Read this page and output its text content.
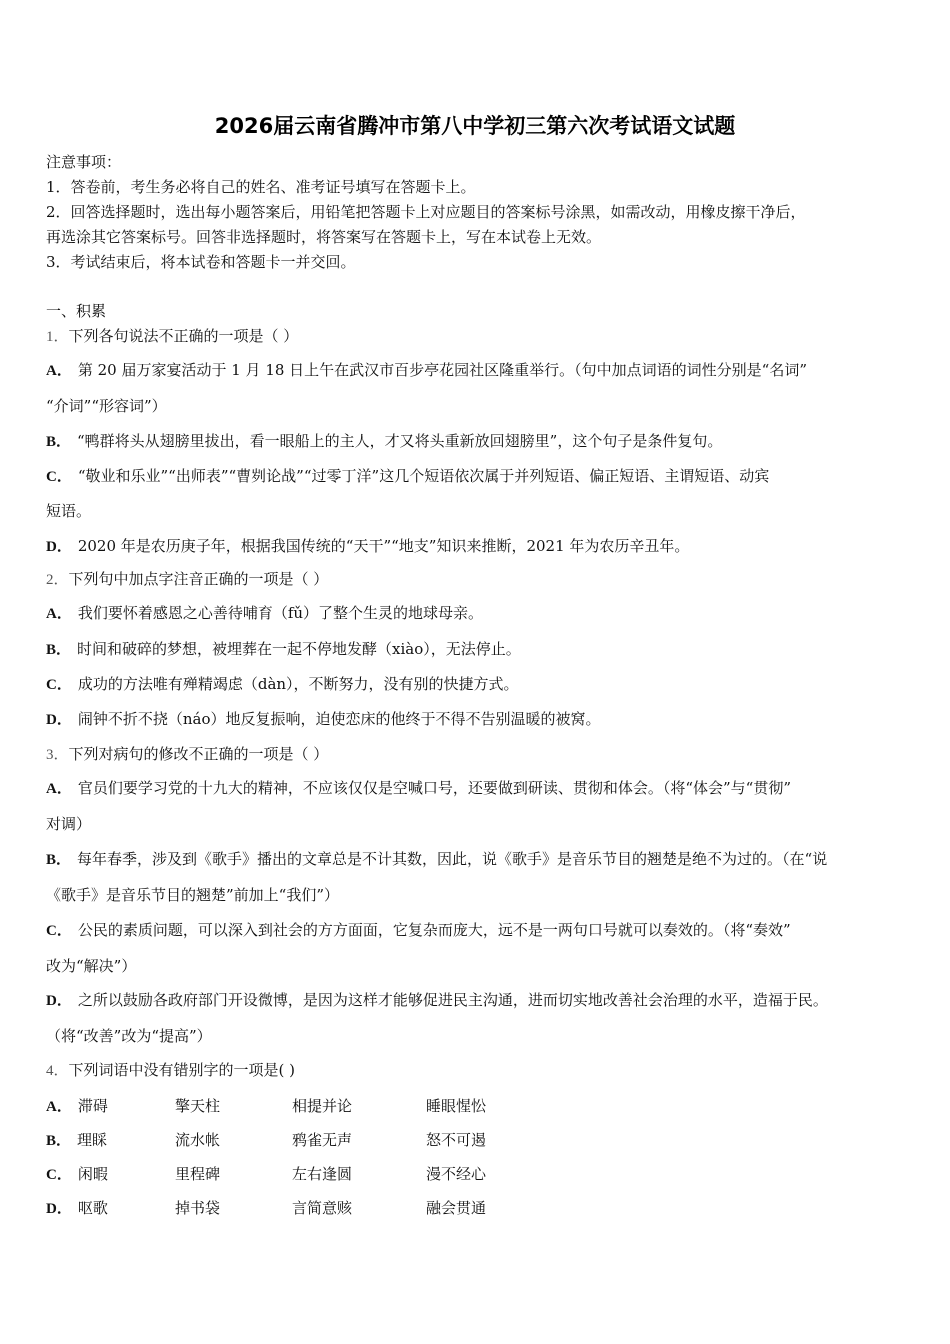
2026届云南省腾冲市第八中学初三第六次考试语文试题
注意事项：
1．答卷前，考生务必将自己的姓名、准考证号填写在答题卡上。
2．回答选择题时，选出每小题答案后，用铅笔把答题卡上对应题目的答案标号涂黑，如需改动，用橡皮擦干净后，
再选涂其它答案标号。回答非选择题时，将答案写在答题卡上，写在本试卷上无效。
3．考试结束后，将本试卷和答题卡一并交回。
一、积累
1．下列各句说法不正确的一项是（ ）
A． 第 20 届万家宴活动于 1 月 18 日上午在武汉市百步亭花园社区隆重举行。（句中加点词语的词性分别是“名词”
“介词”“形容词”）
B． “鸭群将头从翅膀里拔出，看一眼船上的主人，才又将头重新放回翅膀里”，这个句子是条件复句。
C． “敬业和乐业”“出师表”“曹刿论战”“过零丁洋”这几个短语依次属于并列短语、偏正短语、主谓短语、动宾
短语。
D． 2020 年是农历庚子年，根据我国传统的“天干”“地支”知识来推断，2021 年为农历辛丑年。
2．下列句中加点字注音正确的一项是（ ）
A． 我们要怀着感恩之心善待哺育（fǔ）了整个生灵的地球母亲。
B． 时间和破碎的梦想，被埋葬在一起不停地发酵（xiào），无法停止。
C． 成功的方法唯有殚精竭虑（dàn），不断努力，没有别的快捷方式。
D． 闹钟不折不挠（náo）地反复振响，迫使恋床的他终于不得不告别温暖的被窝。
3．下列对病句的修改不正确的一项是（ ）
A． 官员们要学习党的十九大的精神，不应该仅仅是空喊口号，还要做到研读、贯彻和体会。（将“体会”与“贯彻”
对调）
B． 每年春季，涉及到《歌手》播出的文章总是不计其数，因此，说《歌手》是音乐节目的翘楚是绝不为过的。（在“说
《歌手》是音乐节目的翘楚”前加上“我们”）
C． 公民的素质问题，可以深入到社会的方方面面，它复杂而庞大，远不是一两句口号就可以奏效的。（将“奏效”
改为“解决”）
D． 之所以鼓励各政府部门开设微博，是因为这样才能够促进民主沟通，进而切实地改善社会治理的水平，造福于民。
（将“改善”改为“提高”）
4．下列词语中没有错别字的一项是( )
A． 滞碍	擎天柱	相提并论	睡眼惺忪
B． 理睬	流水帐	鸦雀无声	怒不可遏
C． 闲暇	里程碑	左右逢圆	漫不经心
D． 呕歌	掉书袋	言简意赅	融会贯通
